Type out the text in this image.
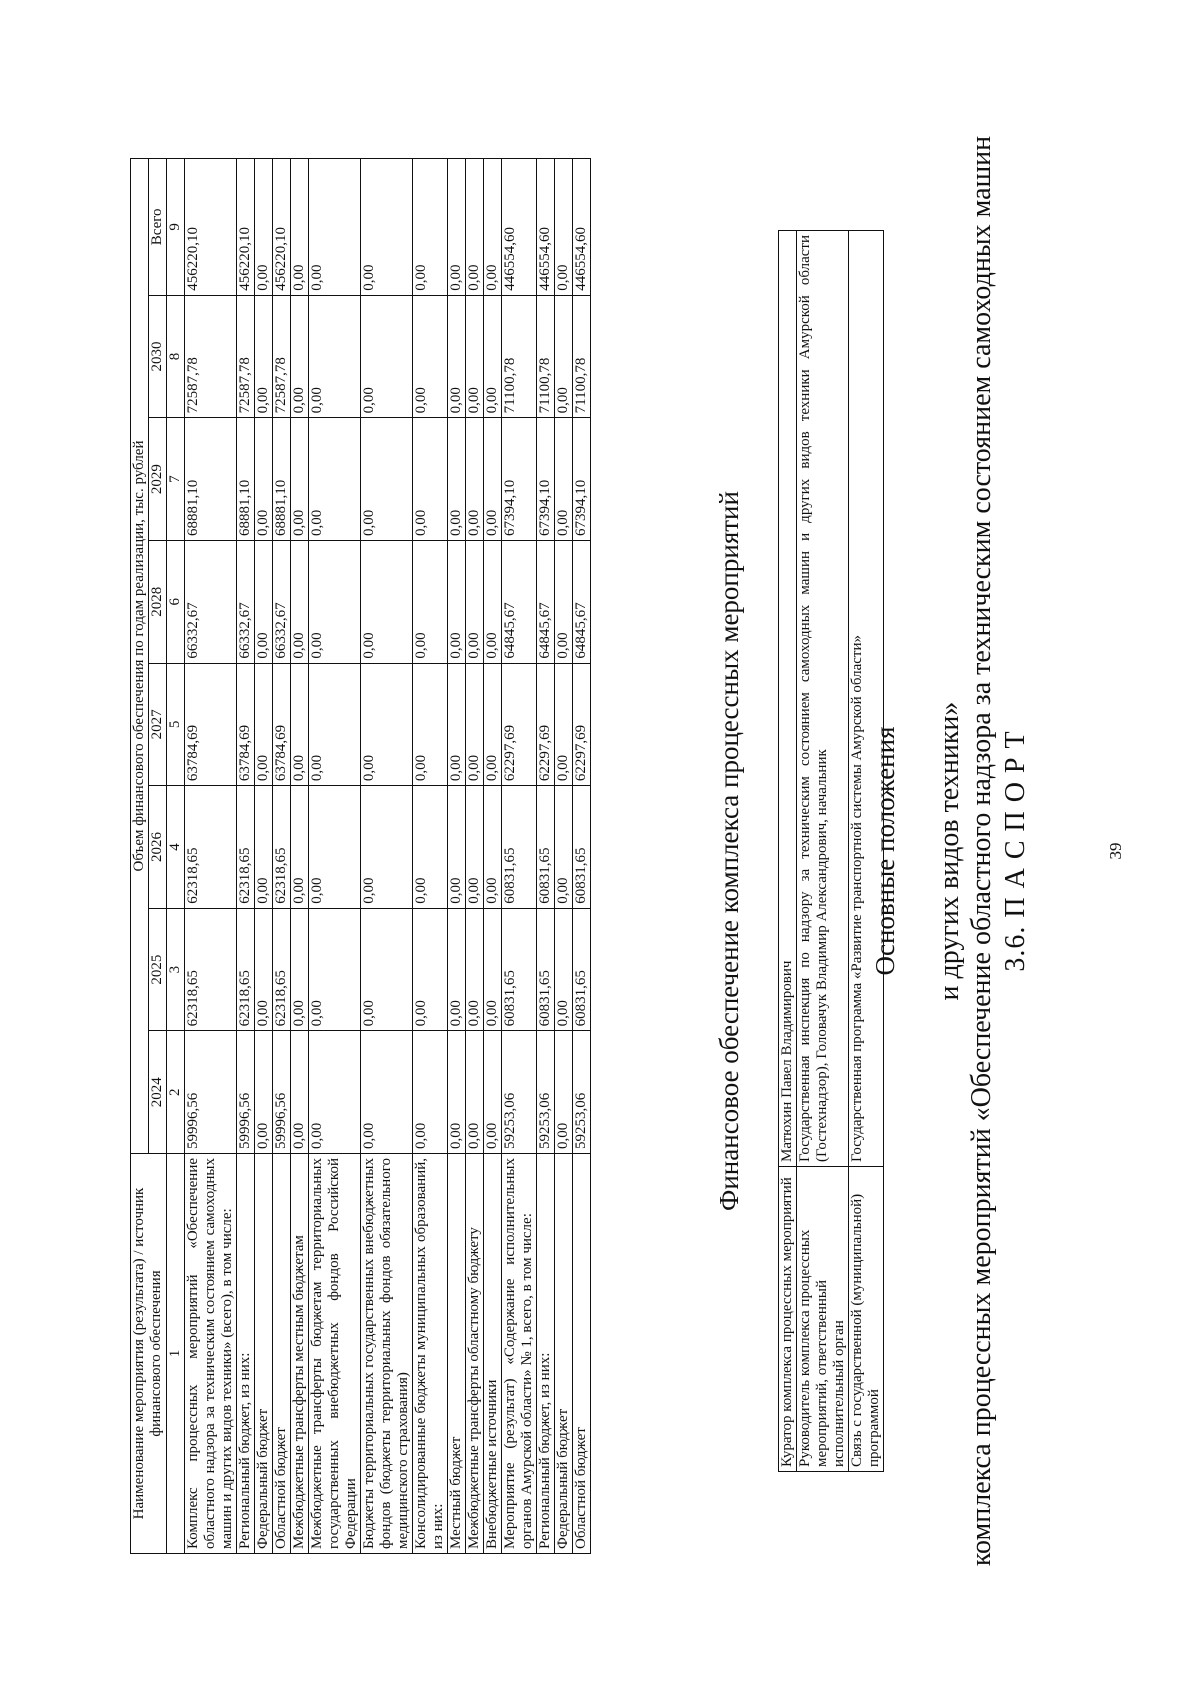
39
3.6. П А С П О Р Т
комплекса процессных мероприятий «Обеспечение областного надзора за техническим состоянием самоходных машин
и других видов техники»
Основные положения
Куратор комплекса процессных мероприятий	Матюхин Павел Владимирович
Руководитель комплекса процессных мероприятий, ответственный исполнительный орган	Государственная инспекция по надзору за техническим состоянием самоходных машин и других видов техники Амурской области (Гостехнадзор), Головачук Владимир Александрович, начальник
Связь с государственной (муниципальной) программой	Государственная программа «Развитие транспортной системы Амурской области»
Финансовое обеспечение комплекса процессных мероприятий
Наименование мероприятия (результата) / источник финансового обеспечения	Объем финансового обеспечения по годам реализации, тыс. рублей							
	2024	2025	2026	2027	2028	2029	2030	Всего
1	2	3	4	5	6	7	8	9
Комплекс процессных мероприятий «Обеспечение областного надзора за техническим состоянием самоходных машин и других видов техники» (всего), в том числе:	59996,56	62318,65	62318,65	63784,69	66332,67	68881,10	72587,78	456220,10
Региональный бюджет, из них:	59996,56	62318,65	62318,65	63784,69	66332,67	68881,10	72587,78	456220,10
Федеральный бюджет	0,00	0,00	0,00	0,00	0,00	0,00	0,00	0,00
Областной бюджет	59996,56	62318,65	62318,65	63784,69	66332,67	68881,10	72587,78	456220,10
Межбюджетные трансферты местным бюджетам	0,00	0,00	0,00	0,00	0,00	0,00	0,00	0,00
Межбюджетные трансферты бюджетам территориальных государственных внебюджетных фондов Российской Федерации	0,00	0,00	0,00	0,00	0,00	0,00	0,00	0,00
Бюджеты территориальных государственных внебюджетных фондов (бюджеты территориальных фондов обязательного медицинского страхования)	0,00	0,00	0,00	0,00	0,00	0,00	0,00	0,00
Консолидированные бюджеты муниципальных образований, из них:	0,00	0,00	0,00	0,00	0,00	0,00	0,00	0,00
Местный бюджет	0,00	0,00	0,00	0,00	0,00	0,00	0,00	0,00
Межбюджетные трансферты областному бюджету	0,00	0,00	0,00	0,00	0,00	0,00	0,00	0,00
Внебюджетные источники	0,00	0,00	0,00	0,00	0,00	0,00	0,00	0,00
Мероприятие (результат) «Содержание исполнительных органов Амурской области» № 1, всего, в том числе:	59253,06	60831,65	60831,65	62297,69	64845,67	67394,10	71100,78	446554,60
Региональный бюджет, из них:	59253,06	60831,65	60831,65	62297,69	64845,67	67394,10	71100,78	446554,60
Федеральный бюджет	0,00	0,00	0,00	0,00	0,00	0,00	0,00	0,00
Областной бюджет	59253,06	60831,65	60831,65	62297,69	64845,67	67394,10	71100,78	446554,60
